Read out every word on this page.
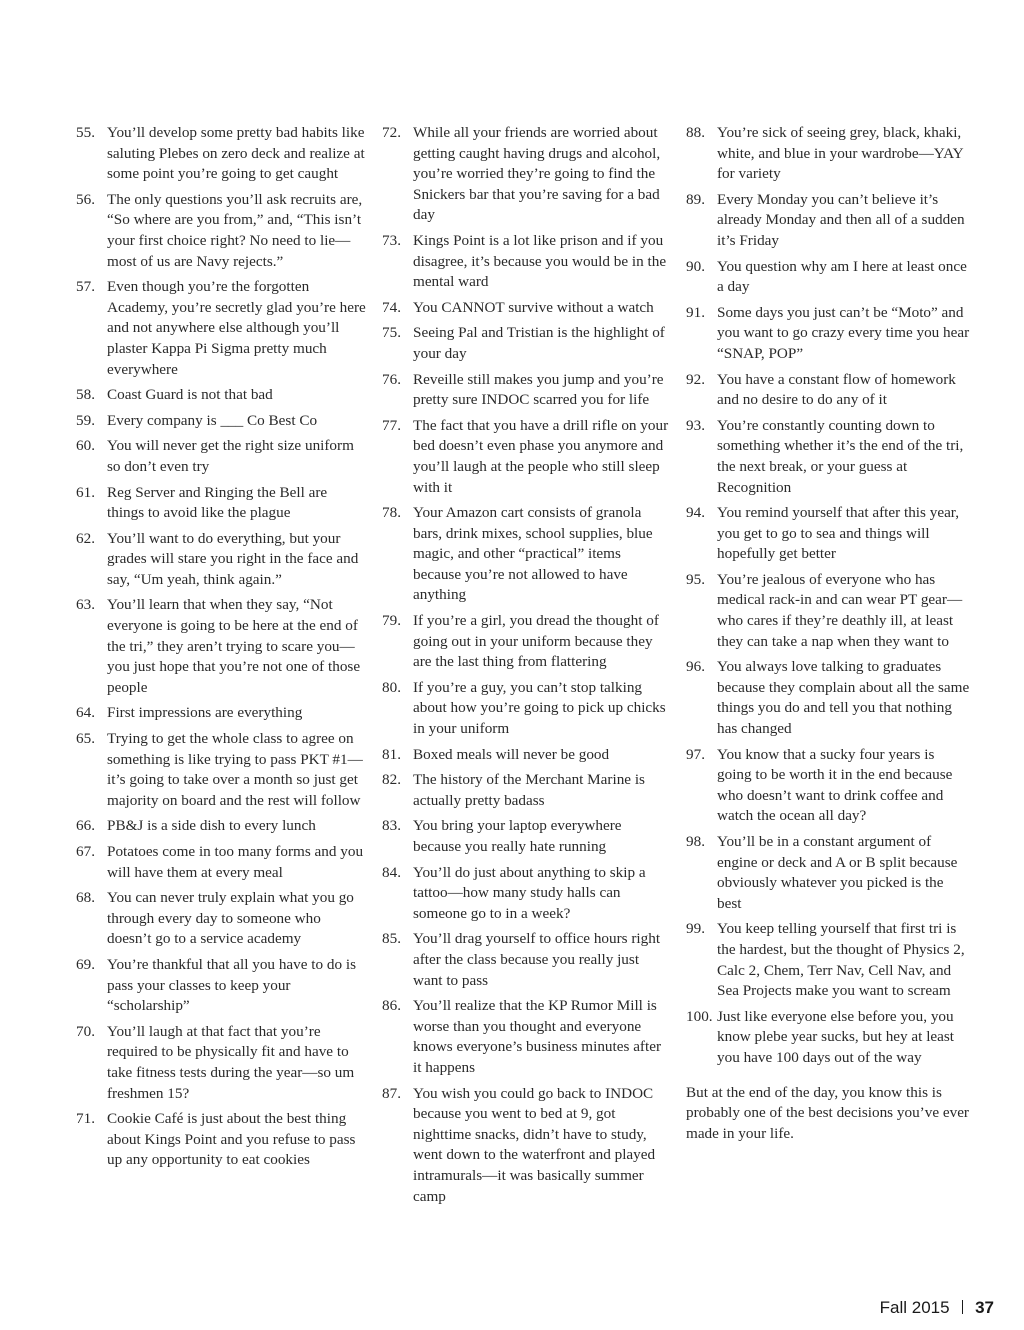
55. You’ll develop some pretty bad habits like saluting Plebes on zero deck and realize at some point you’re going to get caught
56. The only questions you’ll ask recruits are, “So where are you from,” and, “This isn’t your first choice right? No need to lie—most of us are Navy rejects.”
57. Even though you’re the forgotten Academy, you’re secretly glad you’re here and not anywhere else although you’ll plaster Kappa Pi Sigma pretty much everywhere
58. Coast Guard is not that bad
59. Every company is ___ Co Best Co
60. You will never get the right size uniform so don’t even try
61. Reg Server and Ringing the Bell are things to avoid like the plague
62. You’ll want to do everything, but your grades will stare you right in the face and say, “Um yeah, think again.”
63. You’ll learn that when they say, “Not everyone is going to be here at the end of the tri,” they aren’t trying to scare you—you just hope that you’re not one of those people
64. First impressions are everything
65. Trying to get the whole class to agree on something is like trying to pass PKT #1—it’s going to take over a month so just get majority on board and the rest will follow
66. PB&J is a side dish to every lunch
67. Potatoes come in too many forms and you will have them at every meal
68. You can never truly explain what you go through every day to someone who doesn’t go to a service academy
69. You’re thankful that all you have to do is pass your classes to keep your “scholarship”
70. You’ll laugh at that fact that you’re required to be physically fit and have to take fitness tests during the year—so um freshmen 15?
71. Cookie Café is just about the best thing about Kings Point and you refuse to pass up any opportunity to eat cookies
72. While all your friends are worried about getting caught having drugs and alcohol, you’re worried they’re going to find the Snickers bar that you’re saving for a bad day
73. Kings Point is a lot like prison and if you disagree, it’s because you would be in the mental ward
74. You CANNOT survive without a watch
75. Seeing Pal and Tristian is the highlight of your day
76. Reveille still makes you jump and you’re pretty sure INDOC scarred you for life
77. The fact that you have a drill rifle on your bed doesn’t even phase you anymore and you’ll laugh at the people who still sleep with it
78. Your Amazon cart consists of granola bars, drink mixes, school supplies, blue magic, and other “practical” items because you’re not allowed to have anything
79. If you’re a girl, you dread the thought of going out in your uniform because they are the last thing from flattering
80. If you’re a guy, you can’t stop talking about how you’re going to pick up chicks in your uniform
81. Boxed meals will never be good
82. The history of the Merchant Marine is actually pretty badass
83. You bring your laptop everywhere because you really hate running
84. You’ll do just about anything to skip a tattoo—how many study halls can someone go to in a week?
85. You’ll drag yourself to office hours right after the class because you really just want to pass
86. You’ll realize that the KP Rumor Mill is worse than you thought and everyone knows everyone’s business minutes after it happens
87. You wish you could go back to INDOC because you went to bed at 9, got nighttime snacks, didn’t have to study, went down to the waterfront and played intramurals—it was basically summer camp
88. You’re sick of seeing grey, black, khaki, white, and blue in your wardrobe—YAY for variety
89. Every Monday you can’t believe it’s already Monday and then all of a sudden it’s Friday
90. You question why am I here at least once a day
91. Some days you just can’t be “Moto” and you want to go crazy every time you hear “SNAP, POP”
92. You have a constant flow of homework and no desire to do any of it
93. You’re constantly counting down to something whether it’s the end of the tri, the next break, or your guess at Recognition
94. You remind yourself that after this year, you get to go to sea and things will hopefully get better
95. You’re jealous of everyone who has medical rack-in and can wear PT gear—who cares if they’re deathly ill, at least they can take a nap when they want to
96. You always love talking to graduates because they complain about all the same things you do and tell you that nothing has changed
97. You know that a sucky four years is going to be worth it in the end because who doesn’t want to drink coffee and watch the ocean all day?
98. You’ll be in a constant argument of engine or deck and A or B split because obviously whatever you picked is the best
99. You keep telling yourself that first tri is the hardest, but the thought of Physics 2, Calc 2, Chem, Terr Nav, Cell Nav, and Sea Projects make you want to scream
100. Just like everyone else before you, you know plebe year sucks, but hey at least you have 100 days out of the way

But at the end of the day, you know this is probably one of the best decisions you’ve ever made in your life.

Fall 2015 37
